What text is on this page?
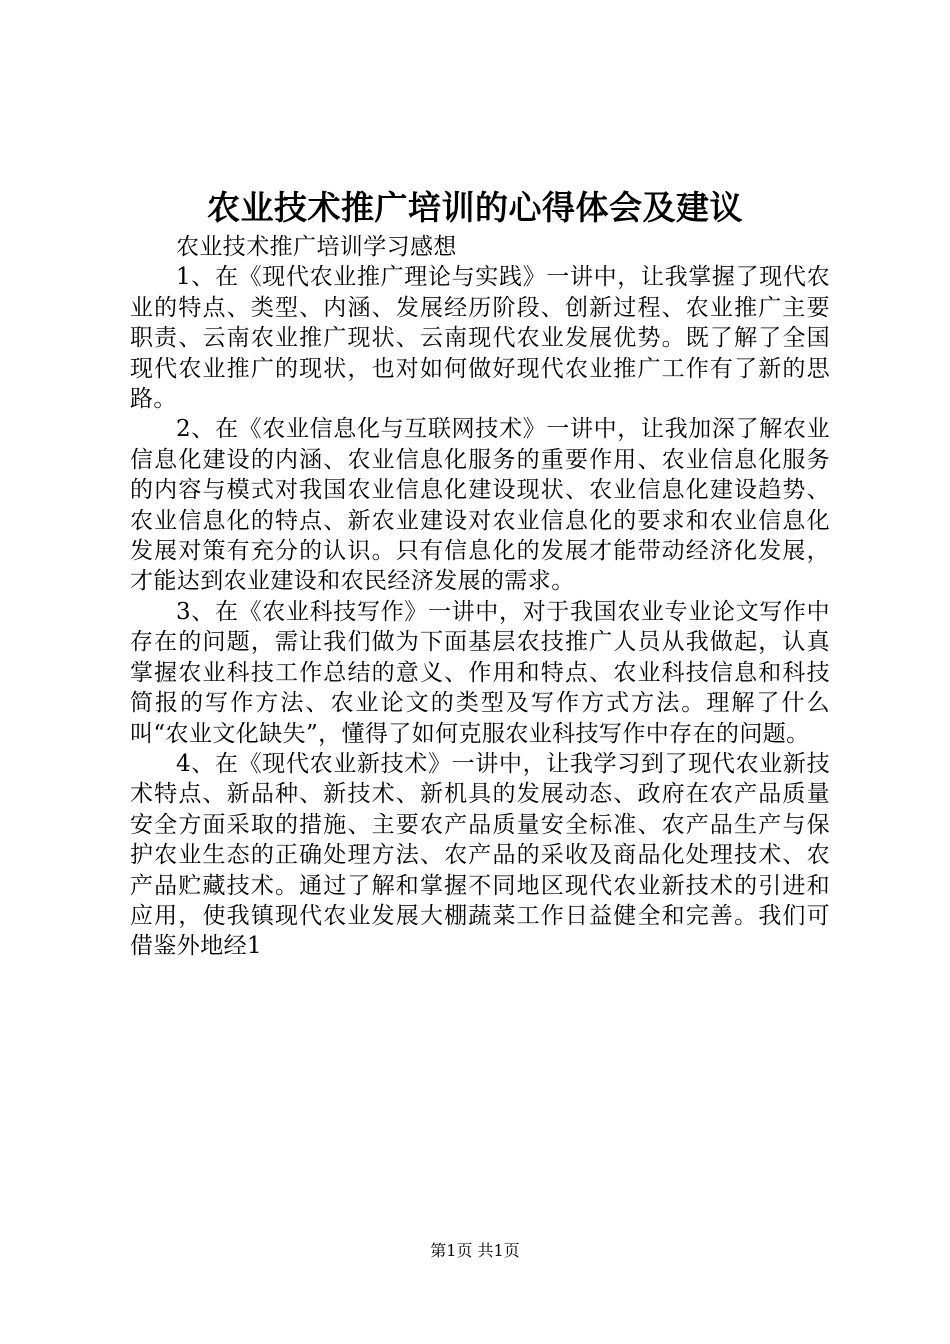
农业技术推广培训的心得体会及建议

农业技术推广培训学习感想

1、在《现代农业推广理论与实践》一讲中，让我掌握了现代农业的特点、类型、内涵、发展经历阶段、创新过程、农业推广主要职责、云南农业推广现状、云南现代农业发展优势。既了解了全国现代农业推广的现状，也对如何做好现代农业推广工作有了新的思路。

2、在《农业信息化与互联网技术》一讲中，让我加深了解农业信息化建设的内涵、农业信息化服务的重要作用、农业信息化服务的内容与模式对我国农业信息化建设现状、农业信息化建设趋势、农业信息化的特点、新农业建设对农业信息化的要求和农业信息化发展对策有充分的认识。只有信息化的发展才能带动经济化发展，才能达到农业建设和农民经济发展的需求。

3、在《农业科技写作》一讲中，对于我国农业专业论文写作中存在的问题，需让我们做为下面基层农技推广人员从我做起，认真掌握农业科技工作总结的意义、作用和特点、农业科技信息和科技简报的写作方法、农业论文的类型及写作方式方法。理解了什么叫“农业文化缺失”，懂得了如何克服农业科技写作中存在的问题。

4、在《现代农业新技术》一讲中，让我学习到了现代农业新技术特点、新品种、新技术、新机具的发展动态、政府在农产品质量安全方面采取的措施、主要农产品质量安全标准、农产品生产与保护农业生态的正确处理方法、农产品的采收及商品化处理技术、农产品贮藏技术。通过了解和掌握不同地区现代农业新技术的引进和应用，使我镇现代农业发展大棚蔬菜工作日益健全和完善。我们可借鉴外地经1

第1页 共1页
